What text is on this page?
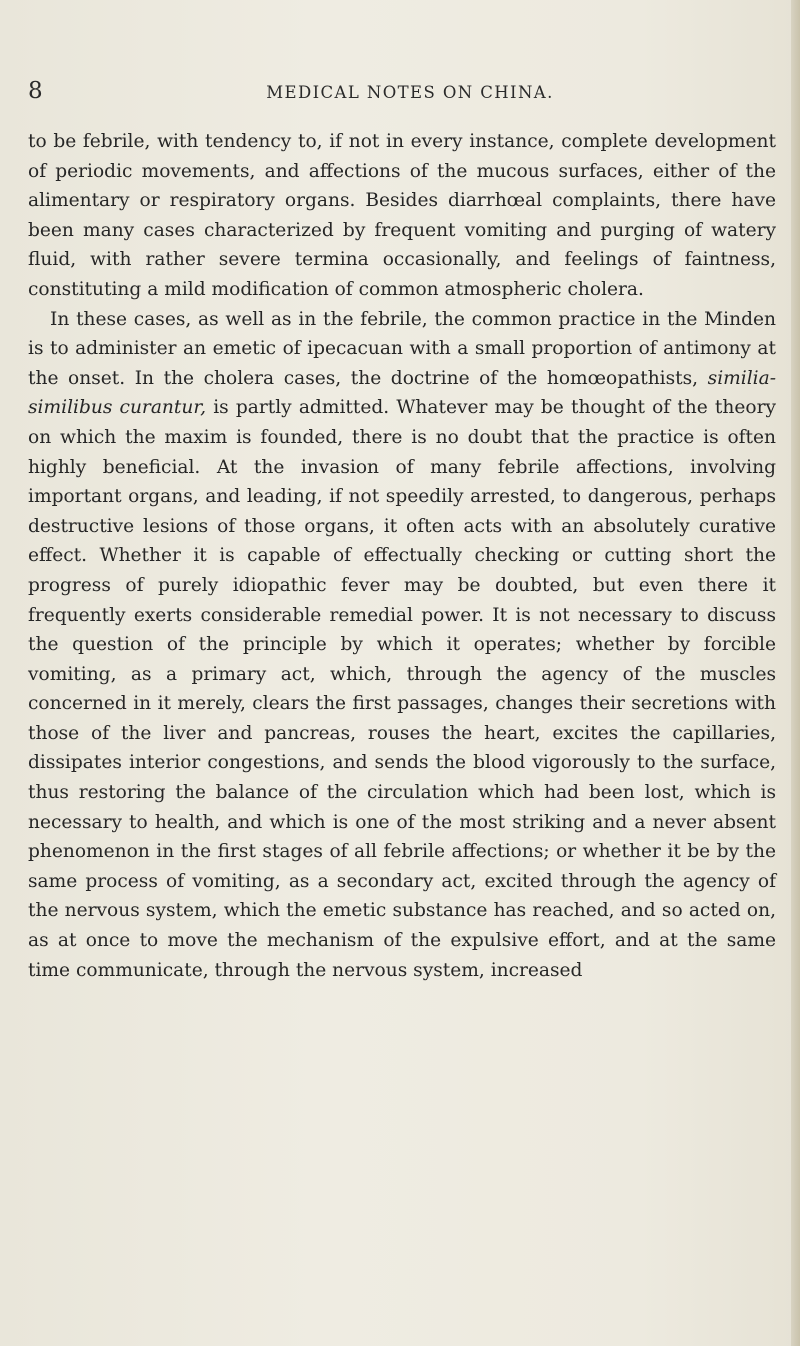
8	MEDICAL NOTES ON CHINA.

to be febrile, with tendency to, if not in every instance, complete development of periodic movements, and affections of the mucous surfaces, either of the alimentary or respiratory organs. Besides diarrhœal complaints, there have been many cases characterized by frequent vomiting and purging of watery fluid, with rather severe termina occasionally, and feelings of faintness, constituting a mild modification of common atmospheric cholera.

In these cases, as well as in the febrile, the common practice in the Minden is to administer an emetic of ipecacuan with a small proportion of antimony at the onset. In the cholera cases, the doctrine of the homœopathists, similia-similibus curantur, is partly admitted. Whatever may be thought of the theory on which the maxim is founded, there is no doubt that the practice is often highly beneficial. At the invasion of many febrile affections, involving important organs, and leading, if not speedily arrested, to dangerous, perhaps destructive lesions of those organs, it often acts with an absolutely curative effect. Whether it is capable of effectually checking or cutting short the progress of purely idiopathic fever may be doubted, but even there it frequently exerts considerable remedial power. It is not necessary to discuss the question of the principle by which it operates; whether by forcible vomiting, as a primary act, which, through the agency of the muscles concerned in it merely, clears the first passages, changes their secretions with those of the liver and pancreas, rouses the heart, excites the capillaries, dissipates interior congestions, and sends the blood vigorously to the surface, thus restoring the balance of the circulation which had been lost, which is necessary to health, and which is one of the most striking and a never absent phenomenon in the first stages of all febrile affections; or whether it be by the same process of vomiting, as a secondary act, excited through the agency of the nervous system, which the emetic substance has reached, and so acted on, as at once to move the mechanism of the expulsive effort, and at the same time communicate, through the nervous system, increased
